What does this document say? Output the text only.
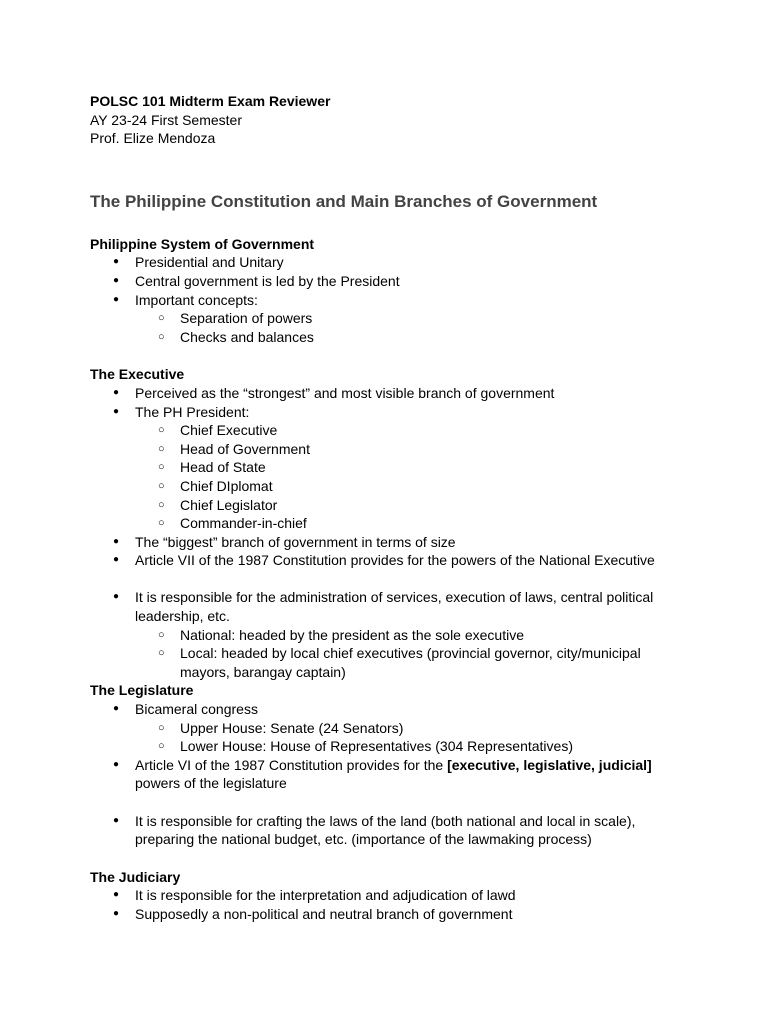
POLSC 101 Midterm Exam Reviewer
AY 23-24 First Semester
Prof. Elize Mendoza
The Philippine Constitution and Main Branches of Government
Philippine System of Government
● Presidential and Unitary
● Central government is led by the President
● Important concepts:
○ Separation of powers
○ Checks and balances
The Executive
● Perceived as the “strongest” and most visible branch of government
● The PH President:
○ Chief Executive
○ Head of Government
○ Head of State
○ Chief DIplomat
○ Chief Legislator
○ Commander-in-chief
● The “biggest” branch of government in terms of size
● Article VII of the 1987 Constitution provides for the powers of the National Executive
● It is responsible for the administration of services, execution of laws, central political leadership, etc.
○ National: headed by the president as the sole executive
○ Local: headed by local chief executives (provincial governor, city/municipal mayors, barangay captain)
The Legislature
● Bicameral congress
○ Upper House: Senate (24 Senators)
○ Lower House: House of Representatives (304 Representatives)
● Article VI of the 1987 Constitution provides for the [executive, legislative, judicial] powers of the legislature
● It is responsible for crafting the laws of the land (both national and local in scale), preparing the national budget, etc. (importance of the lawmaking process)
The Judiciary
● It is responsible for the interpretation and adjudication of lawd
● Supposedly a non-political and neutral branch of government
